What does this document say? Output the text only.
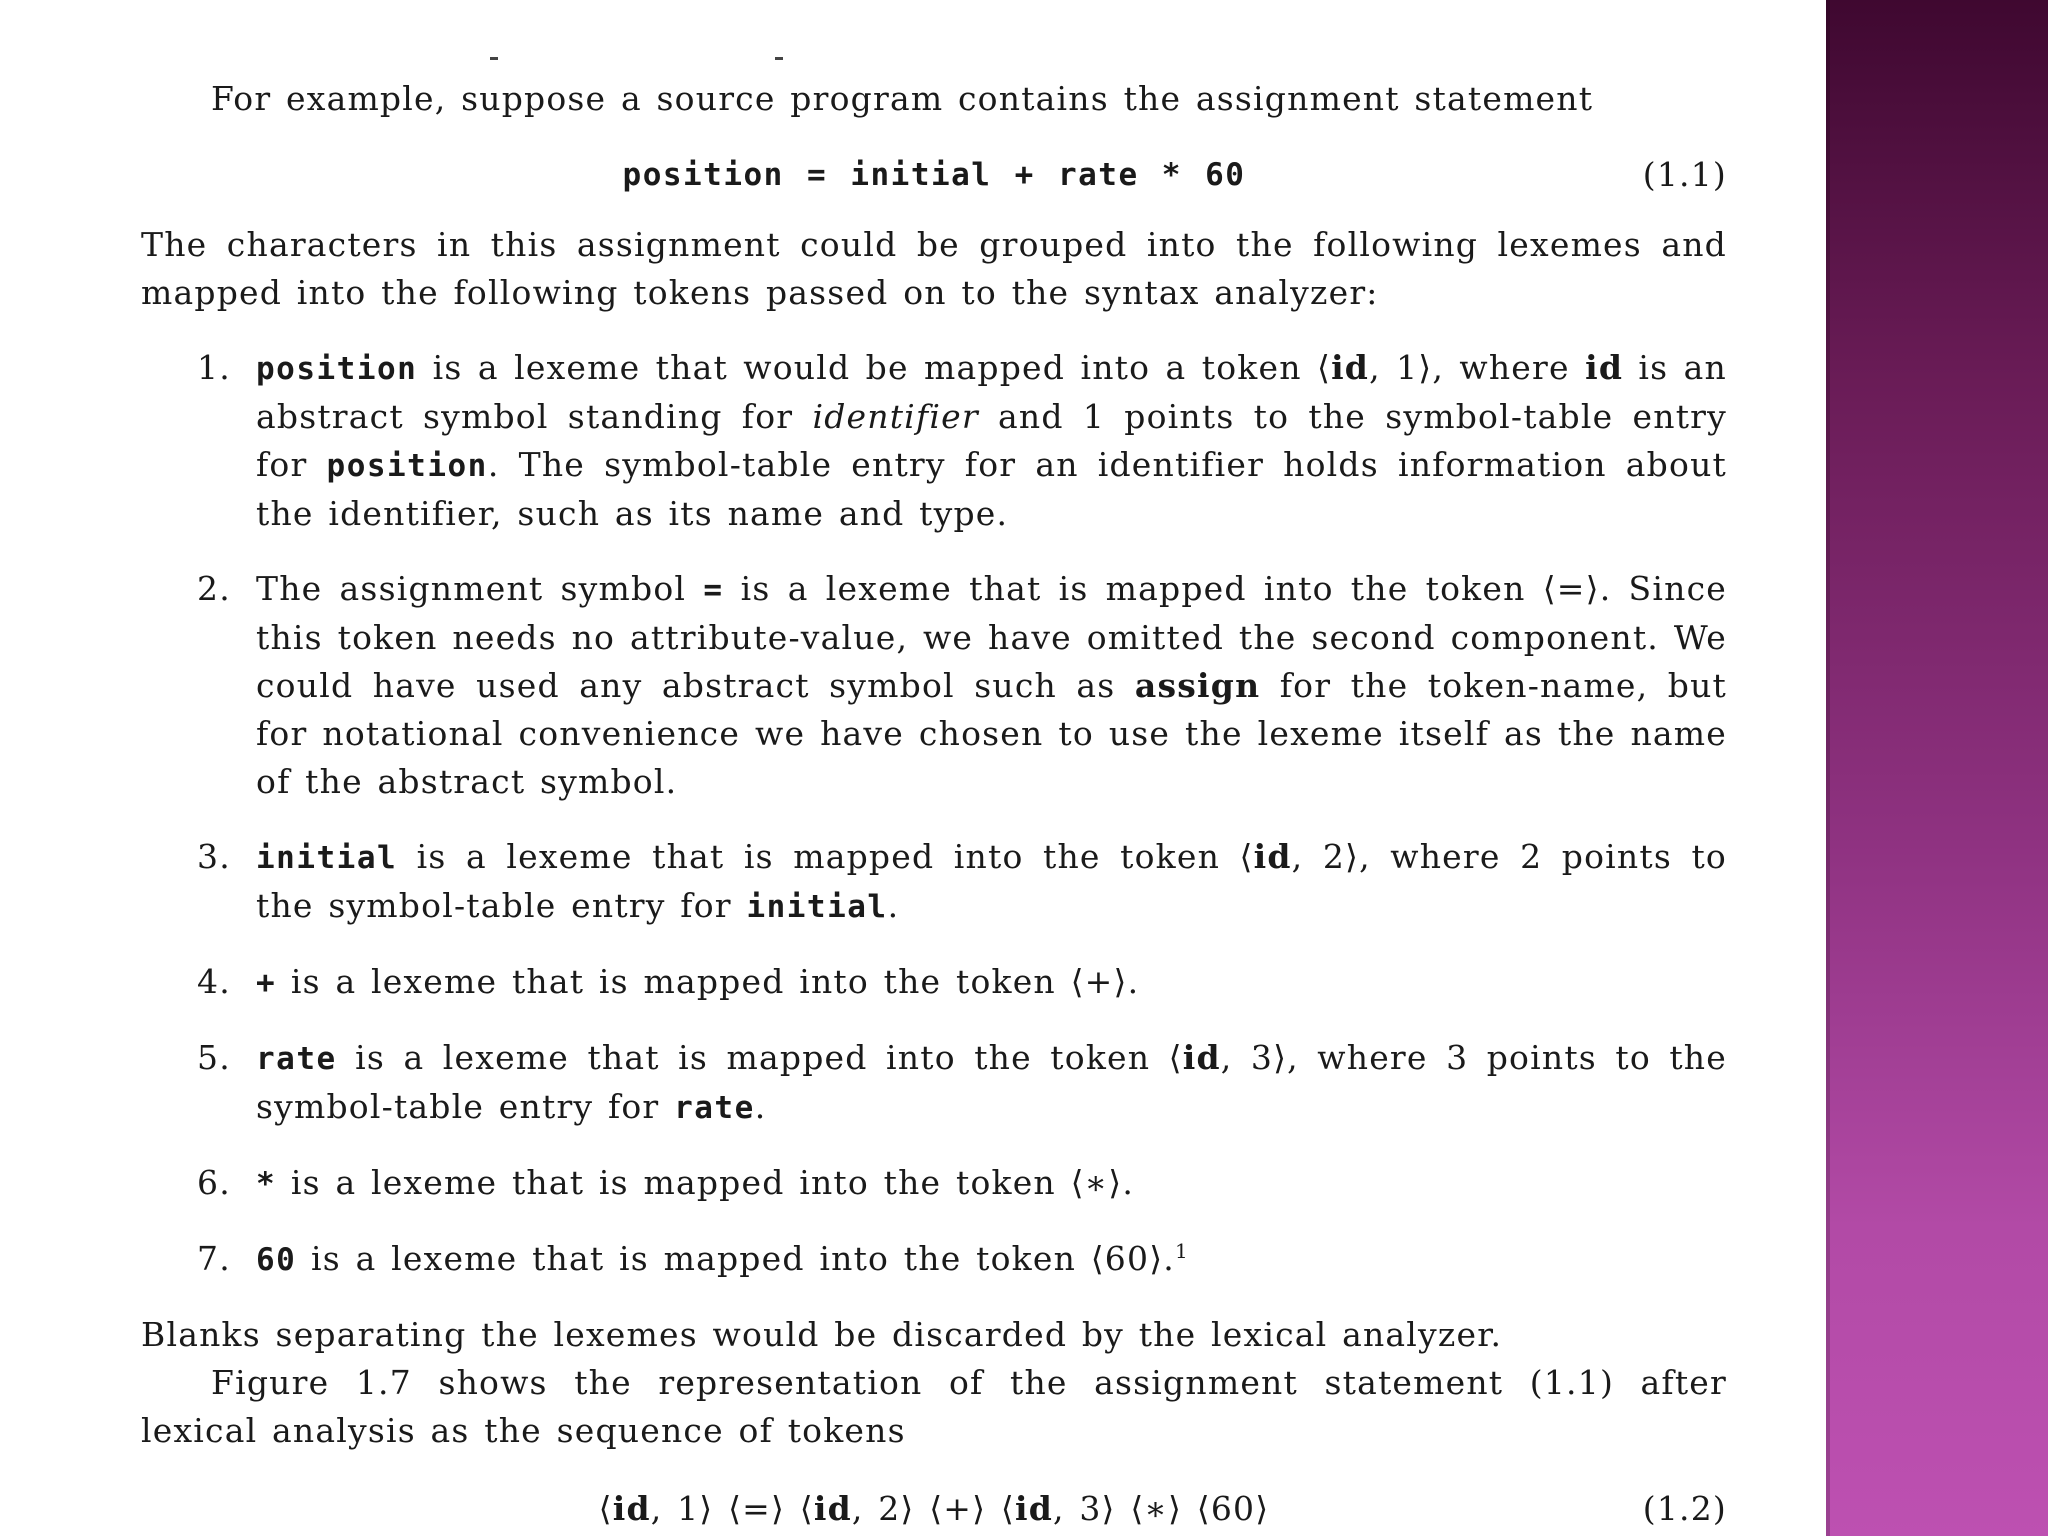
For example, suppose a source program contains the assignment statement

position = initial + rate * 60	(1.1)

The characters in this assignment could be grouped into the following lexemes and mapped into the following tokens passed on to the syntax analyzer:

1. position is a lexeme that would be mapped into a token ⟨id, 1⟩, where id is an abstract symbol standing for identifier and 1 points to the symbol-table entry for position. The symbol-table entry for an identifier holds information about the identifier, such as its name and type.
2. The assignment symbol = is a lexeme that is mapped into the token ⟨=⟩. Since this token needs no attribute-value, we have omitted the second component. We could have used any abstract symbol such as assign for the token-name, but for notational convenience we have chosen to use the lexeme itself as the name of the abstract symbol.
3. initial is a lexeme that is mapped into the token ⟨id, 2⟩, where 2 points to the symbol-table entry for initial.
4. + is a lexeme that is mapped into the token ⟨+⟩.
5. rate is a lexeme that is mapped into the token ⟨id, 3⟩, where 3 points to the symbol-table entry for rate.
6. * is a lexeme that is mapped into the token ⟨∗⟩.
7. 60 is a lexeme that is mapped into the token ⟨60⟩.$^1$

Blanks separating the lexemes would be discarded by the lexical analyzer.

Figure 1.7 shows the representation of the assignment statement (1.1) after lexical analysis as the sequence of tokens

⟨id, 1⟩ ⟨=⟩ ⟨id, 2⟩ ⟨+⟩ ⟨id, 3⟩ ⟨∗⟩ ⟨60⟩	(1.2)
